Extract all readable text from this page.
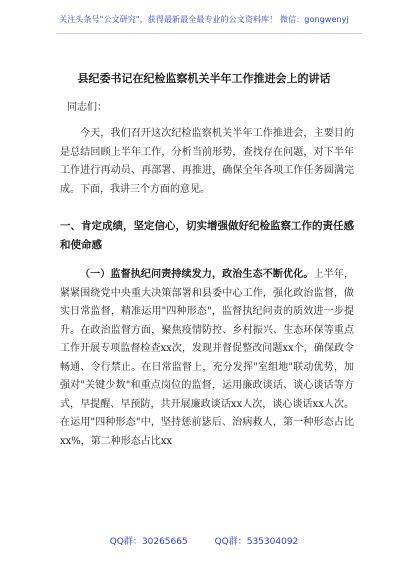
关注头条号"公文研究"，获得最新最全最专业的公文资料库！ 微信：gongwenyj
县纪委书记在纪检监察机关半年工作推进会上的讲话
同志们：

今天，我们召开这次纪检监察机关半年工作推进会，主要目的是总结回顾上半年工作，分析当前形势，查找存在问题，对下半年工作进行再动员、再部署、再推进，确保全年各项工作任务圆满完成。下面，我讲三个方面的意见。

一、肯定成绩，坚定信心，切实增强做好纪检监察工作的责任感和使命感

（一）监督执纪问责持续发力，政治生态不断优化。上半年，紧紧围绕党中央重大决策部署和县委中心工作，强化政治监督，做实日常监督，精准运用"四种形态"，监督执纪问责的质效进一步提升。在政治监督方面，聚焦疫情防控、乡村振兴、生态环保等重点工作开展专项监督检查xx次，发现并督促整改问题xx个，确保政令畅通、令行禁止。在日常监督上，充分发挥"室组地"联动优势，加强对"关键少数"和重点岗位的监督，运用廉政谈话、谈心谈话等方式，早提醒、早预防，共开展廉政谈话xx人次，谈心谈话xx人次。在运用"四种形态"中，坚持惩前毖后、治病救人，第一种形态占比xx%，第二种形态占比xx

QQ群：30265665	QQ群：535304092
